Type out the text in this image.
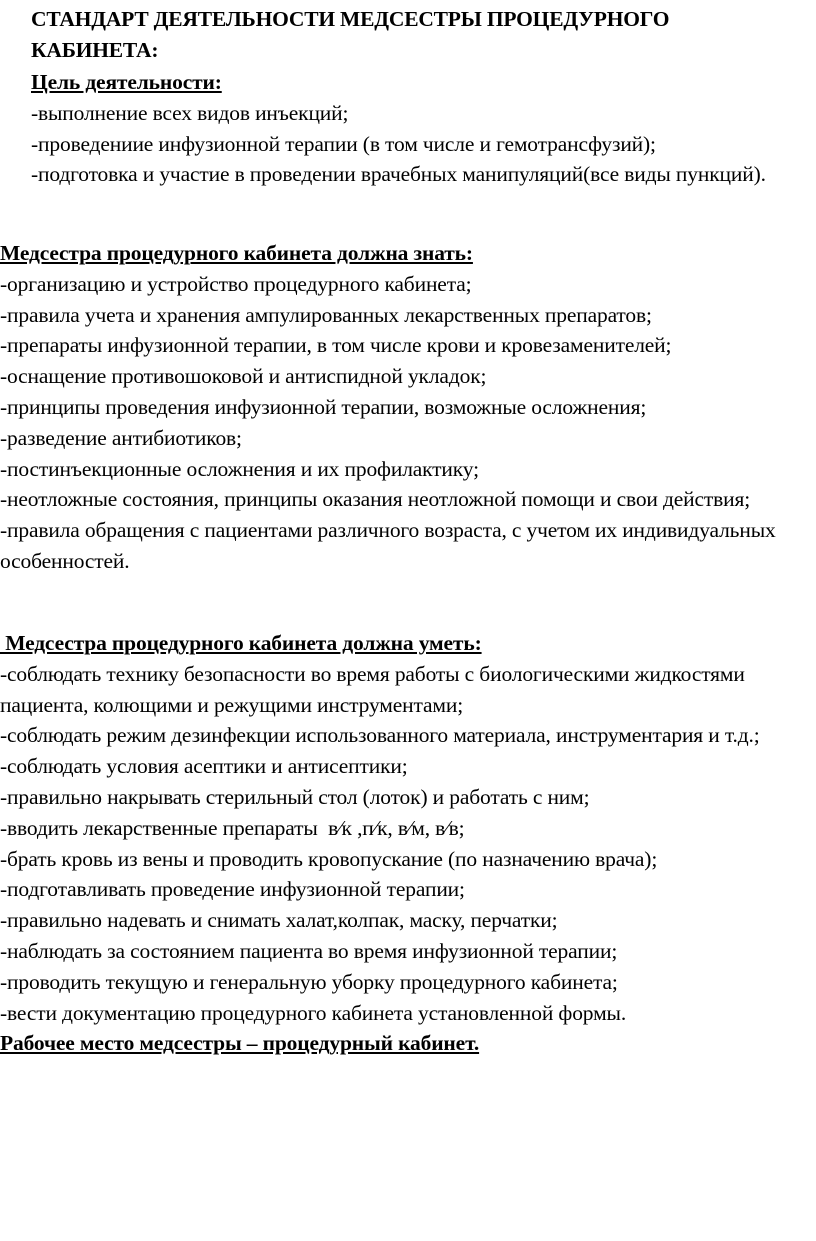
СТАНДАРТ ДЕЯТЕЛЬНОСТИ МЕДСЕСТРЫ ПРОЦЕДУРНОГО КАБИНЕТА:
Цель деятельности:
-выполнение всех видов инъекций;
-проведениие инфузионной терапии (в том числе и гемотрансфузий);
-подготовка и участие в проведении врачебных манипуляций(все виды пункций).
Медсестра процедурного кабинета должна знать:
-организацию и устройство процедурного кабинета;
-правила учета и хранения ампулированных лекарственных препаратов;
-препараты инфузионной терапии, в том числе крови и кровезаменителей;
-оснащение противошоковой и антиспидной укладок;
-принципы проведения инфузионной терапии, возможные осложнения;
-разведение антибиотиков;
-постинъекционные осложнения и их профилактику;
-неотложные состояния, принципы оказания неотложной помощи и свои действия;
-правила обращения с пациентами различного возраста, с учетом их индивидуальных особенностей.
Медсестра процедурного кабинета должна уметь:
-соблюдать технику безопасности во время работы с биологическими жидкостями пациента, колющими и режущими инструментами;
-соблюдать режим дезинфекции использованного материала, инструментария и т.д.;
-соблюдать условия асептики и антисептики;
-правильно накрывать стерильный стол (лоток) и работать с ним;
-вводить лекарственные препараты  в⁄к ,п⁄к, в⁄м, в⁄в;
-брать кровь из вены и проводить кровопускание (по назначению врача);
-подготавливать проведение инфузионной терапии;
-правильно надевать и снимать халат,колпак, маску, перчатки;
-наблюдать за состоянием пациента во время инфузионной терапии;
-проводить текущую и генеральную уборку процедурного кабинета;
-вести документацию процедурного кабинета установленной формы.
Рабочее место медсестры – процедурный кабинет.
